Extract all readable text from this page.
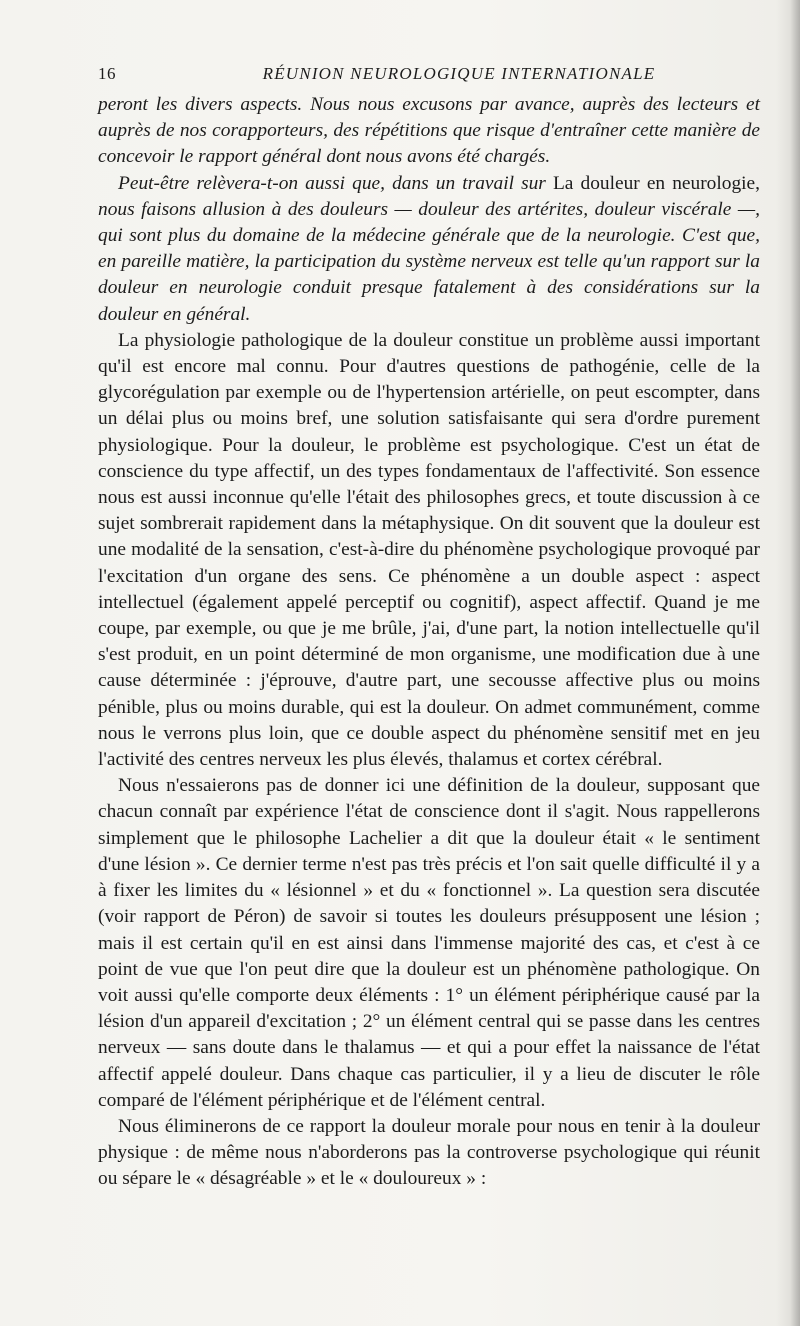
16	RÉUNION NEUROLOGIQUE INTERNATIONALE

peront les divers aspects. Nous nous excusons par avance, auprès des lecteurs et auprès de nos corapporteurs, des répétitions que risque d'entraîner cette manière de concevoir le rapport général dont nous avons été chargés.

Peut-être relèvera-t-on aussi que, dans un travail sur La douleur en neurologie, nous faisons allusion à des douleurs — douleur des artérites, douleur viscérale —, qui sont plus du domaine de la médecine générale que de la neurologie. C'est que, en pareille matière, la participation du système nerveux est telle qu'un rapport sur la douleur en neurologie conduit presque fatalement à des considérations sur la douleur en général.

La physiologie pathologique de la douleur constitue un problème aussi important qu'il est encore mal connu. Pour d'autres questions de pathogénie, celle de la glycorégulation par exemple ou de l'hypertension artérielle, on peut escompter, dans un délai plus ou moins bref, une solution satisfaisante qui sera d'ordre purement physiologique. Pour la douleur, le problème est psychologique. C'est un état de conscience du type affectif, un des types fondamentaux de l'affectivité. Son essence nous est aussi inconnue qu'elle l'était des philosophes grecs, et toute discussion à ce sujet sombrerait rapidement dans la métaphysique. On dit souvent que la douleur est une modalité de la sensation, c'est-à-dire du phénomène psychologique provoqué par l'excitation d'un organe des sens. Ce phénomène a un double aspect : aspect intellectuel (également appelé perceptif ou cognitif), aspect affectif. Quand je me coupe, par exemple, ou que je me brûle, j'ai, d'une part, la notion intellectuelle qu'il s'est produit, en un point déterminé de mon organisme, une modification due à une cause déterminée : j'éprouve, d'autre part, une secousse affective plus ou moins pénible, plus ou moins durable, qui est la douleur. On admet communément, comme nous le verrons plus loin, que ce double aspect du phénomène sensitif met en jeu l'activité des centres nerveux les plus élevés, thalamus et cortex cérébral.

Nous n'essaierons pas de donner ici une définition de la douleur, supposant que chacun connaît par expérience l'état de conscience dont il s'agit. Nous rappellerons simplement que le philosophe Lachelier a dit que la douleur était « le sentiment d'une lésion ». Ce dernier terme n'est pas très précis et l'on sait quelle difficulté il y a à fixer les limites du « lésionnel » et du « fonctionnel ». La question sera discutée (voir rapport de Péron) de savoir si toutes les douleurs présupposent une lésion ; mais il est certain qu'il en est ainsi dans l'immense majorité des cas, et c'est à ce point de vue que l'on peut dire que la douleur est un phénomène pathologique. On voit aussi qu'elle comporte deux éléments : 1° un élément périphérique causé par la lésion d'un appareil d'excitation ; 2° un élément central qui se passe dans les centres nerveux — sans doute dans le thalamus — et qui a pour effet la naissance de l'état affectif appelé douleur. Dans chaque cas particulier, il y a lieu de discuter le rôle comparé de l'élément périphérique et de l'élément central.

Nous éliminerons de ce rapport la douleur morale pour nous en tenir à la douleur physique : de même nous n'aborderons pas la controverse psychologique qui réunit ou sépare le « désagréable » et le « douloureux » :
